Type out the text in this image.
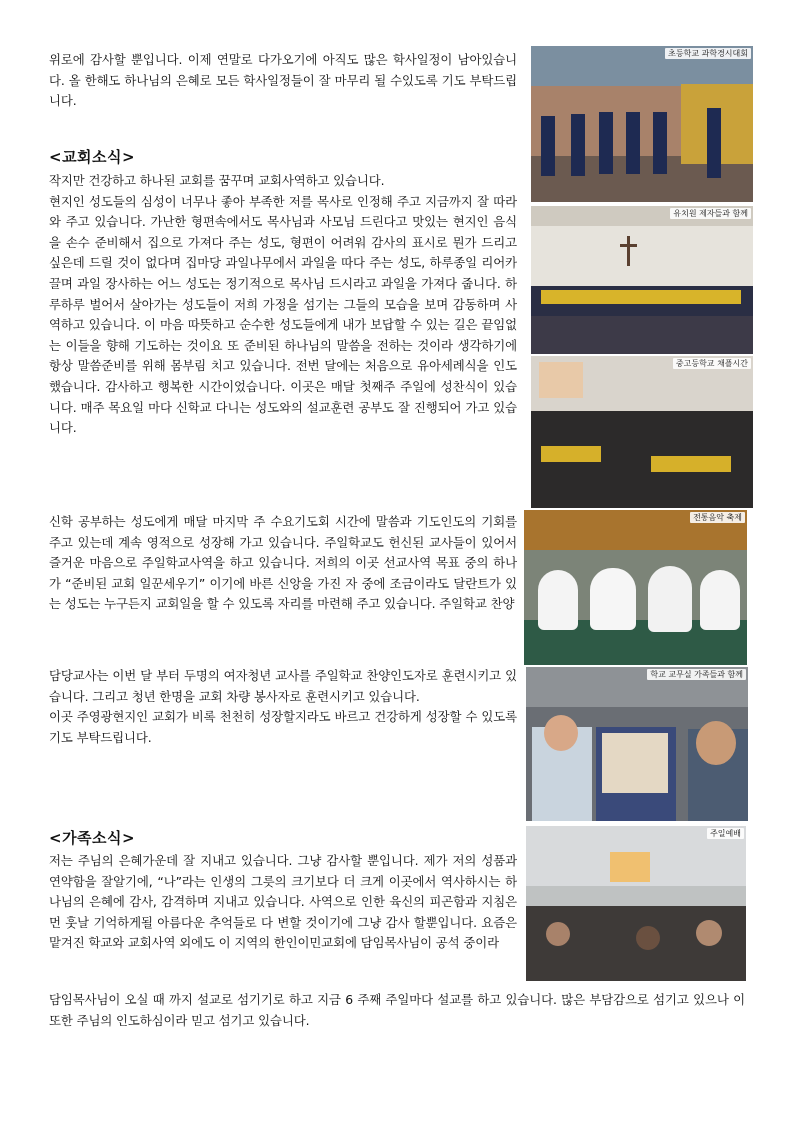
위로에 감사할 뿐입니다. 이제 연말로 다가오기에 아직도 많은 학사일정이 남아있습니다. 올 한해도 하나님의 은혜로 모든 학사일정들이 잘 마무리 될 수있도록 기도 부탁드립니다.

<교회소식>

작지만 건강하고 하나된 교회를 꿈꾸며 교회사역하고 있습니다.

현지인 성도들의 심성이 너무나 좋아 부족한 저를 목사로 인정해 주고 지금까지 잘 따라와 주고 있습니다. 가난한 형편속에서도 목사님과 사모님 드린다고 맛있는 현지인 음식을 손수 준비해서 집으로 가져다 주는 성도, 형편이 어려워 감사의 표시로 뭔가 드리고 싶은데 드릴 것이 없다며 집마당 과일나무에서 과일을 따다 주는 성도, 하루종일 리어카 끌며 과일 장사하는 어느 성도는 정기적으로 목사님 드시라고 과일을 가져다 줍니다. 하루하루 벌어서 살아가는 성도들이 저희 가정을 섬기는 그들의 모습을 보며 감동하며 사역하고 있습니다. 이 마음 따뜻하고 순수한 성도들에게 내가 보답할 수 있는 길은 끝임없는 이들을 향해 기도하는 것이요 또 준비된 하나님의 말씀을 전하는 것이라 생각하기에 항상 말씀준비를 위해 몸부림 치고 있습니다. 전번 달에는 처음으로 유아세례식을 인도했습니다. 감사하고 행복한 시간이었습니다. 이곳은 매달 첫째주 주일에 성찬식이 있습니다. 매주 목요일 마다 신학교 다니는 성도와의 설교훈련 공부도 잘 진행되어 가고 있습니다.

신학 공부하는 성도에게 매달 마지막 주 수요기도회 시간에 말씀과 기도인도의 기회를 주고 있는데 계속 영적으로 성장해 가고 있습니다. 주일학교도 헌신된 교사들이 있어서 즐거운 마음으로 주일학교사역을 하고 있습니다. 저희의 이곳 선교사역 목표 중의 하나가 “준비된 교회 일꾼세우기” 이기에 바른 신앙을 가진 자 중에 조금이라도 달란트가 있는 성도는 누구든지 교회일을 할 수 있도록 자리를 마련해 주고 있습니다. 주일학교 찬양

담당교사는 이번 달 부터 두명의 여자청년 교사를 주일학교 찬양인도자로 훈련시키고 있습니다. 그리고 청년 한명을 교회 차량 봉사자로 훈련시키고 있습니다.

이곳 주영광현지인 교회가 비록 천천히 성장할지라도 바르고 건강하게 성장할 수 있도록 기도 부탁드립니다.

<가족소식>

저는 주님의 은혜가운데 잘 지내고 있습니다. 그냥 감사할 뿐입니다. 제가 저의 성품과 연약함을 잘알기에, “나”라는 인생의 그릇의 크기보다 더 크게 이곳에서 역사하시는 하나님의 은혜에 감사, 감격하며 지내고 있습니다. 사역으로 인한 육신의 피곤함과 지침은 먼 훗날 기억하게될 아름다운 추억들로 다 변할 것이기에 그냥 감사 할뿐입니다. 요즘은 맡겨진 학교와 교회사역 외에도 이 지역의 한인이민교회에 담임목사님이 공석 중이라

담임목사님이 오실 때 까지 설교로 섬기기로 하고 지금 6 주째 주일마다 설교를 하고 있습니다. 많은 부담감으로 섬기고 있으나 이 또한 주님의 인도하심이라 믿고 섬기고 있습니다.

초등학교 과학경시대회
유치원 제자들과 함께
중고등학교 채플시간
전통음악 축제
학교 교무실 가족들과 함께
주일예배
